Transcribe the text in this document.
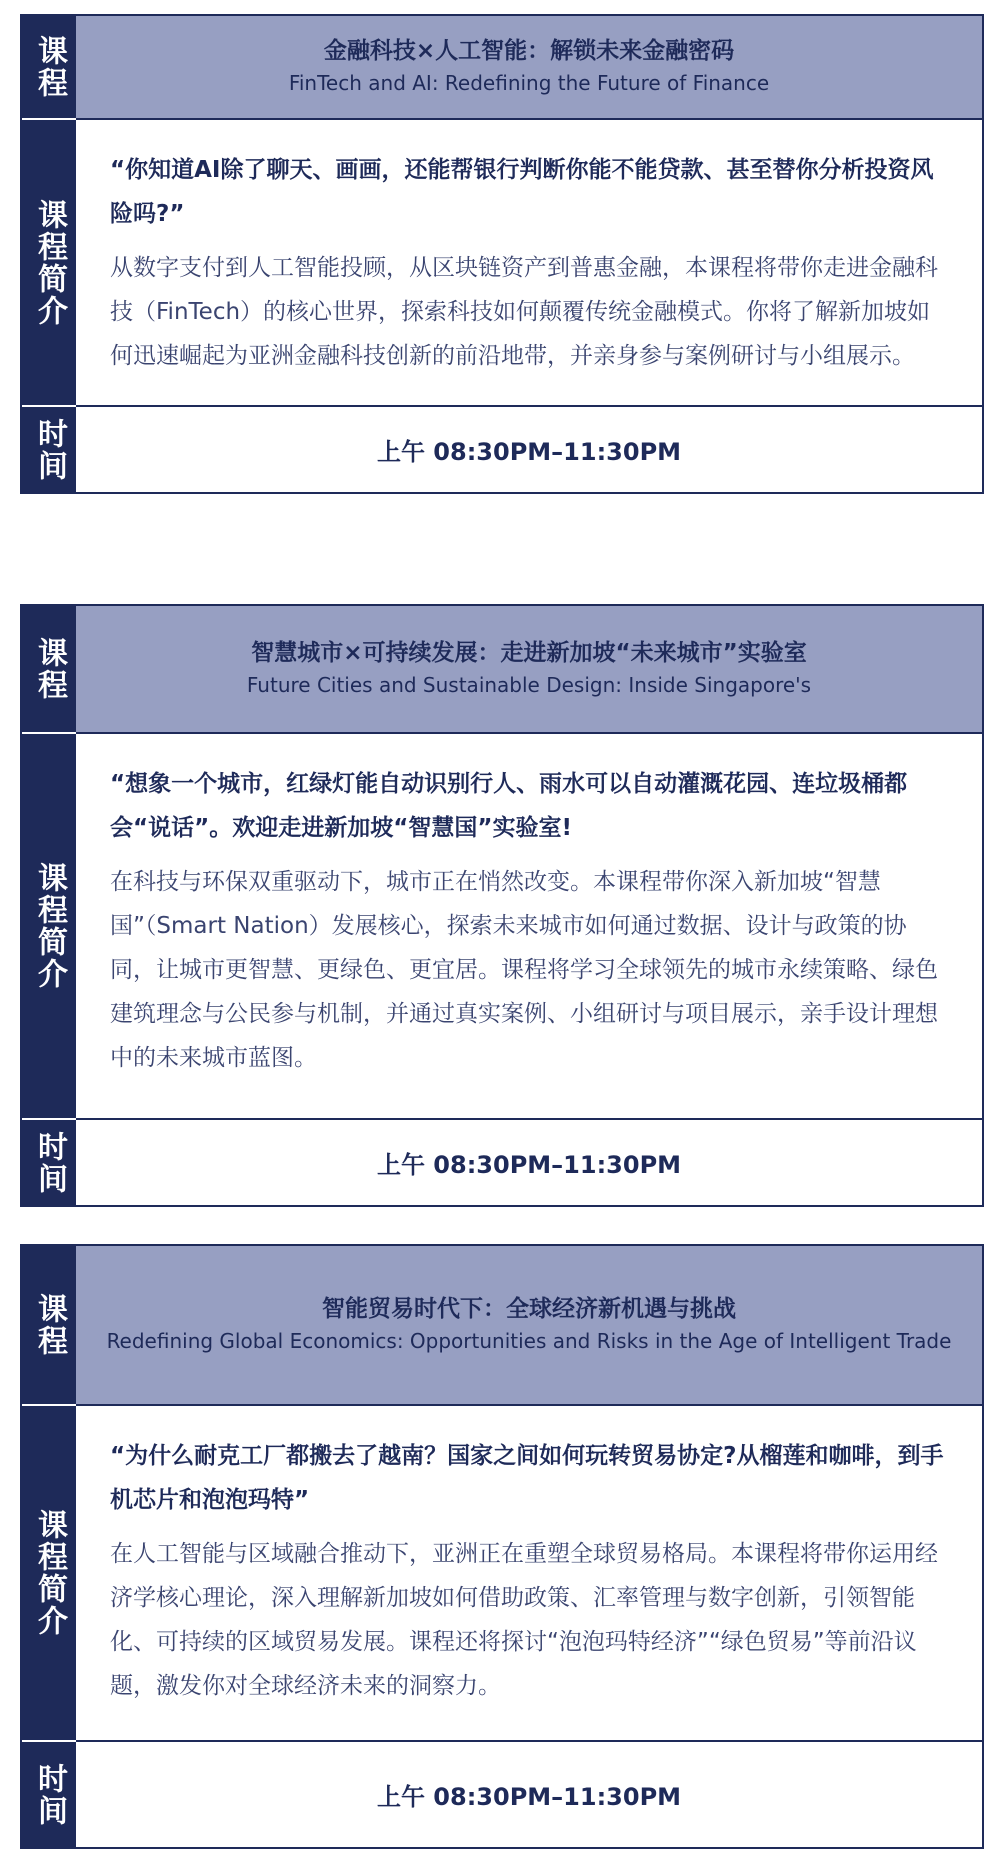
课程	金融科技×人工智能：解锁未来金融密码
FinTech and AI: Redefining the Future of Finance
课程简介

“你知道AI除了聊天、画画，还能帮银行判断你能不能贷款、甚至替你分析投资风险吗?”

从数字支付到人工智能投顾，从区块链资产到普惠金融，本课程将带你走进金融科技（FinTech）的核心世界，探索科技如何颠覆传统金融模式。你将了解新加坡如何迅速崛起为亚洲金融科技创新的前沿地带，并亲身参与案例研讨与小组展示。

时间	上午 08:30PM–11:30PM
课程	智慧城市×可持续发展：走进新加坡“未来城市”实验室
Future Cities and Sustainable Design: Inside Singapore's
课程简介

“想象一个城市，红绿灯能自动识别行人、雨水可以自动灌溉花园、连垃圾桶都会“说话”。欢迎走进新加坡“智慧国”实验室!

在科技与环保双重驱动下，城市正在悄然改变。本课程带你深入新加坡“智慧国”（Smart Nation）发展核心，探索未来城市如何通过数据、设计与政策的协同，让城市更智慧、更绿色、更宜居。课程将学习全球领先的城市永续策略、绿色建筑理念与公民参与机制，并通过真实案例、小组研讨与项目展示，亲手设计理想中的未来城市蓝图。

时间	上午 08:30PM–11:30PM
课程	智能贸易时代下：全球经济新机遇与挑战
Redefining Global Economics: Opportunities and Risks in the Age of Intelligent Trade
课程简介

“为什么耐克工厂都搬去了越南？国家之间如何玩转贸易协定?从榴莲和咖啡，到手机芯片和泡泡玛特”

在人工智能与区域融合推动下，亚洲正在重塑全球贸易格局。本课程将带你运用经济学核心理论，深入理解新加坡如何借助政策、汇率管理与数字创新，引领智能化、可持续的区域贸易发展。课程还将探讨“泡泡玛特经济”“绿色贸易”等前沿议题，激发你对全球经济未来的洞察力。

时间	上午 08:30PM–11:30PM
